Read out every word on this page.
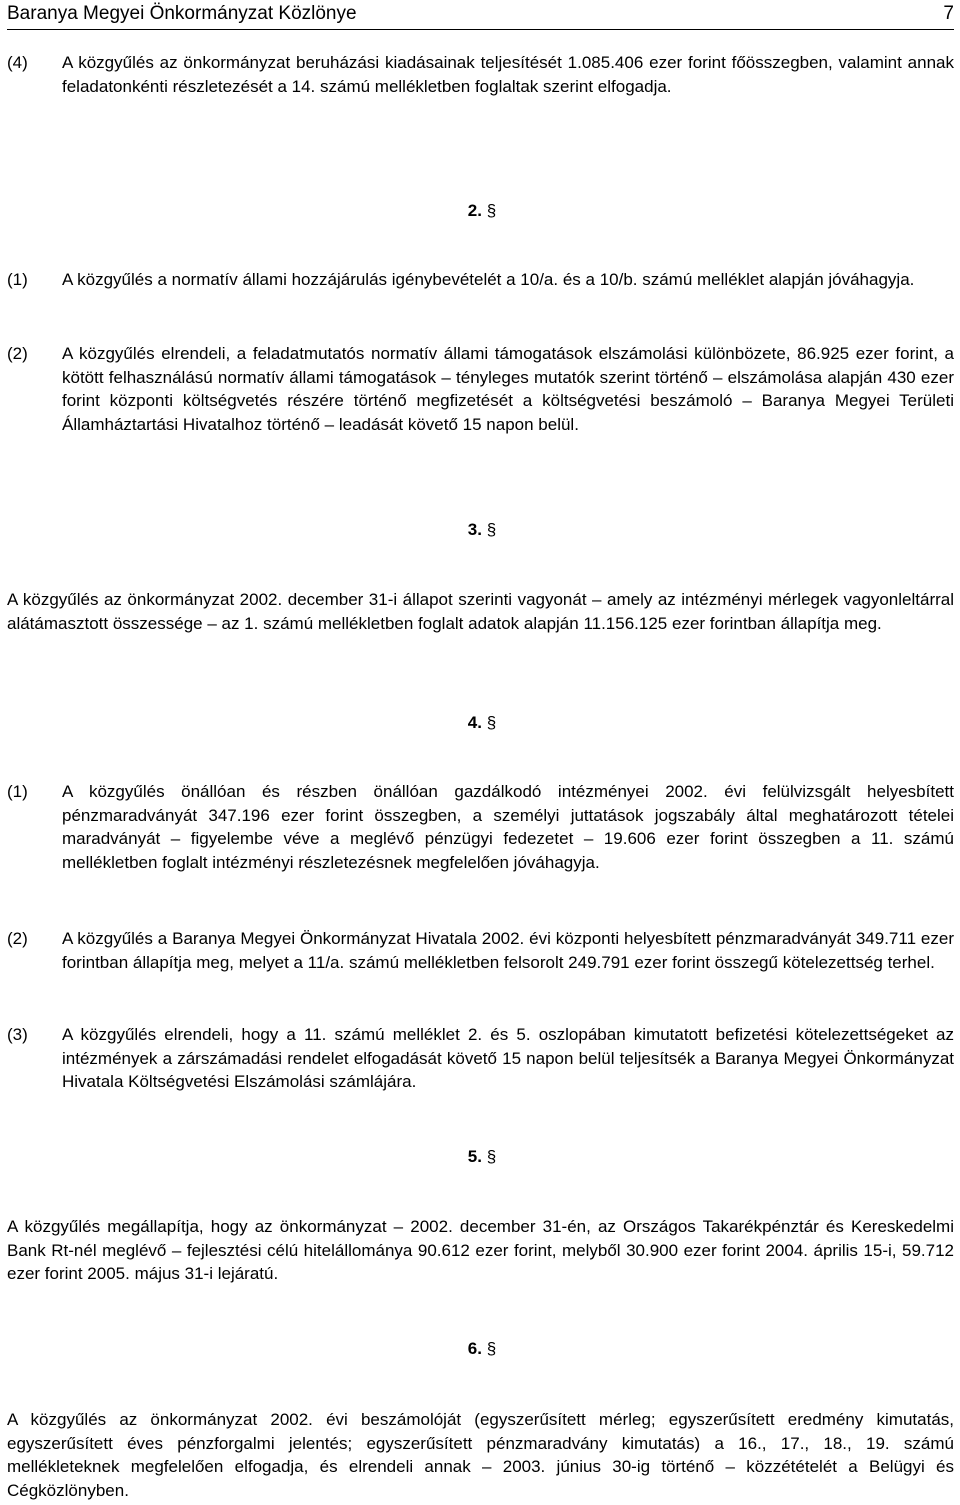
Baranya Megyei Önkormányzat Közlönye	7
(4) A közgyűlés az önkormányzat beruházási kiadásainak teljesítését 1.085.406 ezer forint főösszegben, valamint annak feladatonkénti részletezését a 14. számú mellékletben foglaltak szerint elfogadja.
2. §
(1) A közgyűlés a normatív állami hozzájárulás igénybevételét a 10/a. és a 10/b. számú melléklet alapján jóváhagyja.
(2) A közgyűlés elrendeli, a feladatmutatós normatív állami támogatások elszámolási különbözete, 86.925 ezer forint, a kötött felhasználású normatív állami támogatások – tényleges mutatók szerint történő – elszámolása alapján 430 ezer forint központi költségvetés részére történő megfizetését a költségvetési beszámoló – Baranya Megyei Területi Államháztartási Hivatalhoz történő – leadását követő 15 napon belül.
3. §
A közgyűlés az önkormányzat 2002. december 31-i állapot szerinti vagyonát – amely az intézményi mérlegek vagyonleltárral alátámasztott összessége – az 1. számú mellékletben foglalt adatok alapján 11.156.125 ezer forintban állapítja meg.
4. §
(1) A közgyűlés önállóan és részben önállóan gazdálkodó intézményei 2002. évi felülvizsgált helyesbített pénzmaradványát 347.196 ezer forint összegben, a személyi juttatások jogszabály által meghatározott tételei maradványát – figyelembe véve a meglévő pénzügyi fedezetet – 19.606 ezer forint összegben a 11. számú mellékletben foglalt intézményi részletezésnek megfelelően jóváhagyja.
(2) A közgyűlés a Baranya Megyei Önkormányzat Hivatala 2002. évi központi helyesbített pénzmaradványát 349.711 ezer forintban állapítja meg, melyet a 11/a. számú mellékletben felsorolt 249.791 ezer forint összegű kötelezettség terhel.
(3) A közgyűlés elrendeli, hogy a 11. számú melléklet 2. és 5. oszlopában kimutatott befizetési kötelezettségeket az intézmények a zárszámadási rendelet elfogadását követő 15 napon belül teljesítsék a Baranya Megyei Önkormányzat Hivatala Költségvetési Elszámolási számlájára.
5. §
A közgyűlés megállapítja, hogy az önkormányzat – 2002. december 31-én, az Országos Takarékpénztár és Kereskedelmi Bank Rt-nél meglévő – fejlesztési célú hitelállománya 90.612 ezer forint, melyből 30.900 ezer forint 2004. április 15-i, 59.712 ezer forint 2005. május 31-i lejáratú.
6. §
A közgyűlés az önkormányzat 2002. évi beszámolóját (egyszerűsített mérleg; egyszerűsített eredmény kimutatás, egyszerűsített éves pénzforgalmi jelentés; egyszerűsített pénzmaradvány kimutatás) a 16., 17., 18., 19. számú mellékleteknek megfelelően elfogadja, és elrendeli annak – 2003. június 30-ig történő – közzétételét a Belügyi és Cégközlönyben.
